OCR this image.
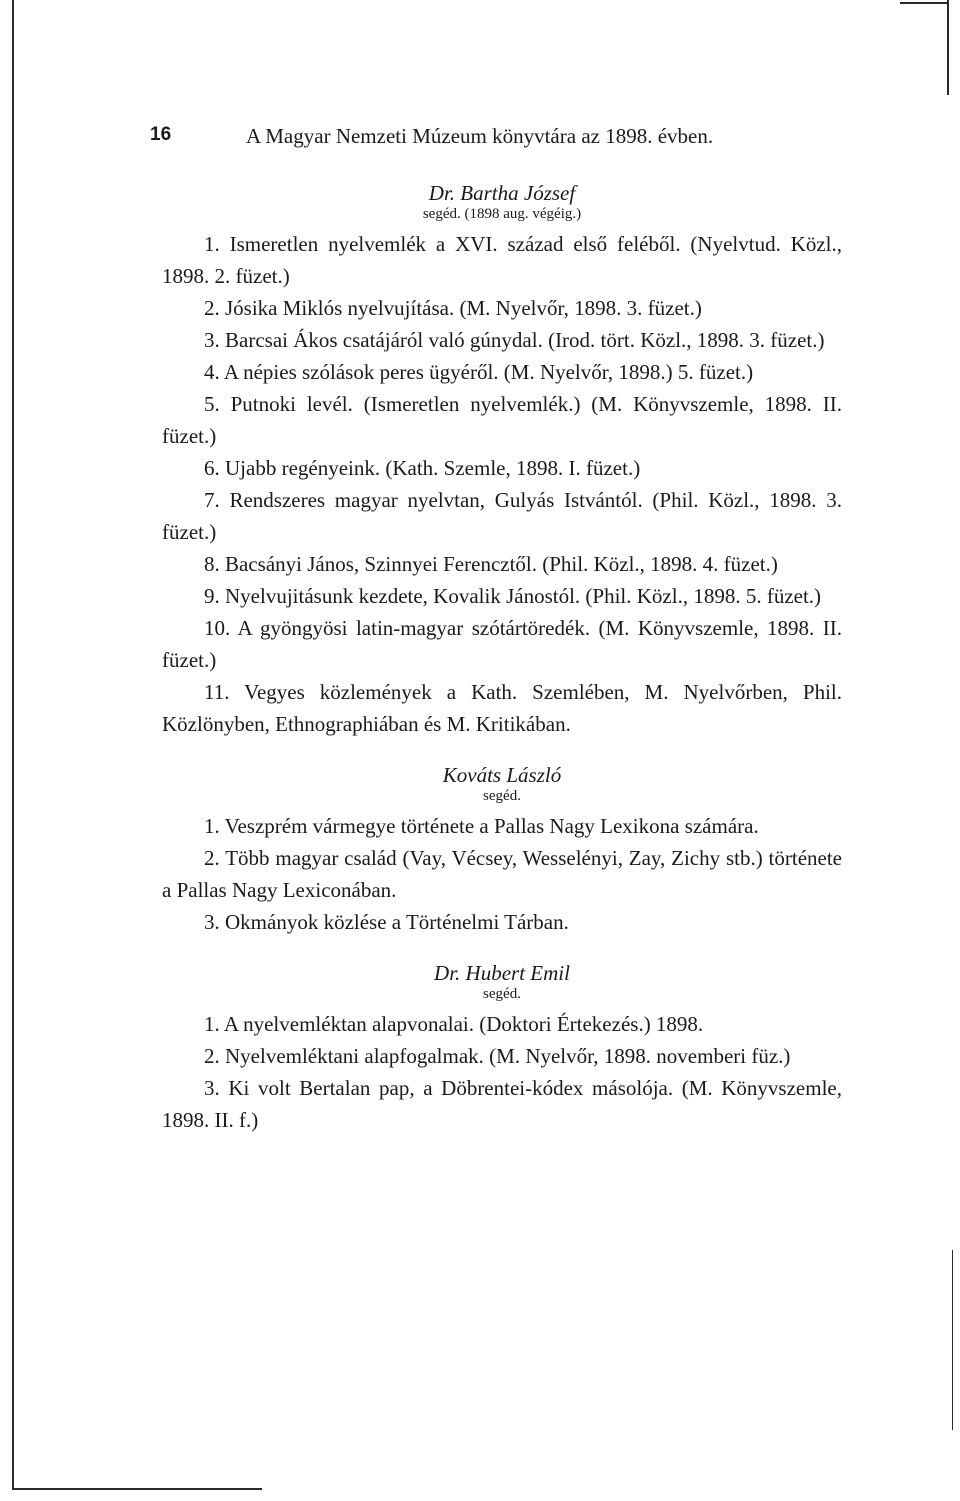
16	A Magyar Nemzeti Múzeum könyvtára az 1898. évben.
Dr. Bartha József
segéd. (1898 aug. végéig.)

1. Ismeretlen nyelvemlék a XVI. század első feléből. (Nyelvtud. Közl., 1898. 2. füzet.)

2. Jósika Miklós nyelvujítása. (M. Nyelvőr, 1898. 3. füzet.)

3. Barcsai Ákos csatájáról való gúnydal. (Irod. tört. Közl., 1898. 3. füzet.)

4. A népies szólások peres ügyéről. (M. Nyelvőr, 1898.) 5. füzet.)

5. Putnoki levél. (Ismeretlen nyelvemlék.) (M. Könyvszemle, 1898. II. füzet.)

6. Ujabb regényeink. (Kath. Szemle, 1898. I. füzet.)

7. Rendszeres magyar nyelvtan, Gulyás Istvántól. (Phil. Közl., 1898. 3. füzet.)

8. Bacsányi János, Szinnyei Ferencztől. (Phil. Közl., 1898. 4. füzet.)

9. Nyelvujitásunk kezdete, Kovalik Jánostól. (Phil. Közl., 1898. 5. füzet.)

10. A gyöngyösi latin-magyar szótártöredék. (M. Könyvszemle, 1898. II. füzet.)

11. Vegyes közlemények a Kath. Szemlében, M. Nyelvőrben, Phil. Közlönyben, Ethnographiában és M. Kritikában.

Kováts László
segéd.

1. Veszprém vármegye története a Pallas Nagy Lexikona számára.

2. Több magyar család (Vay, Vécsey, Wesselényi, Zay, Zichy stb.) története a Pallas Nagy Lexiconában.

3. Okmányok közlése a Történelmi Tárban.

Dr. Hubert Emil
segéd.

1. A nyelvemléktan alapvonalai. (Doktori Értekezés.) 1898.

2. Nyelvemléktani alapfogalmak. (M. Nyelvőr, 1898. novemberi füz.)

3. Ki volt Bertalan pap, a Döbrentei-kódex másolója. (M. Könyvszemle, 1898. II. f.)
